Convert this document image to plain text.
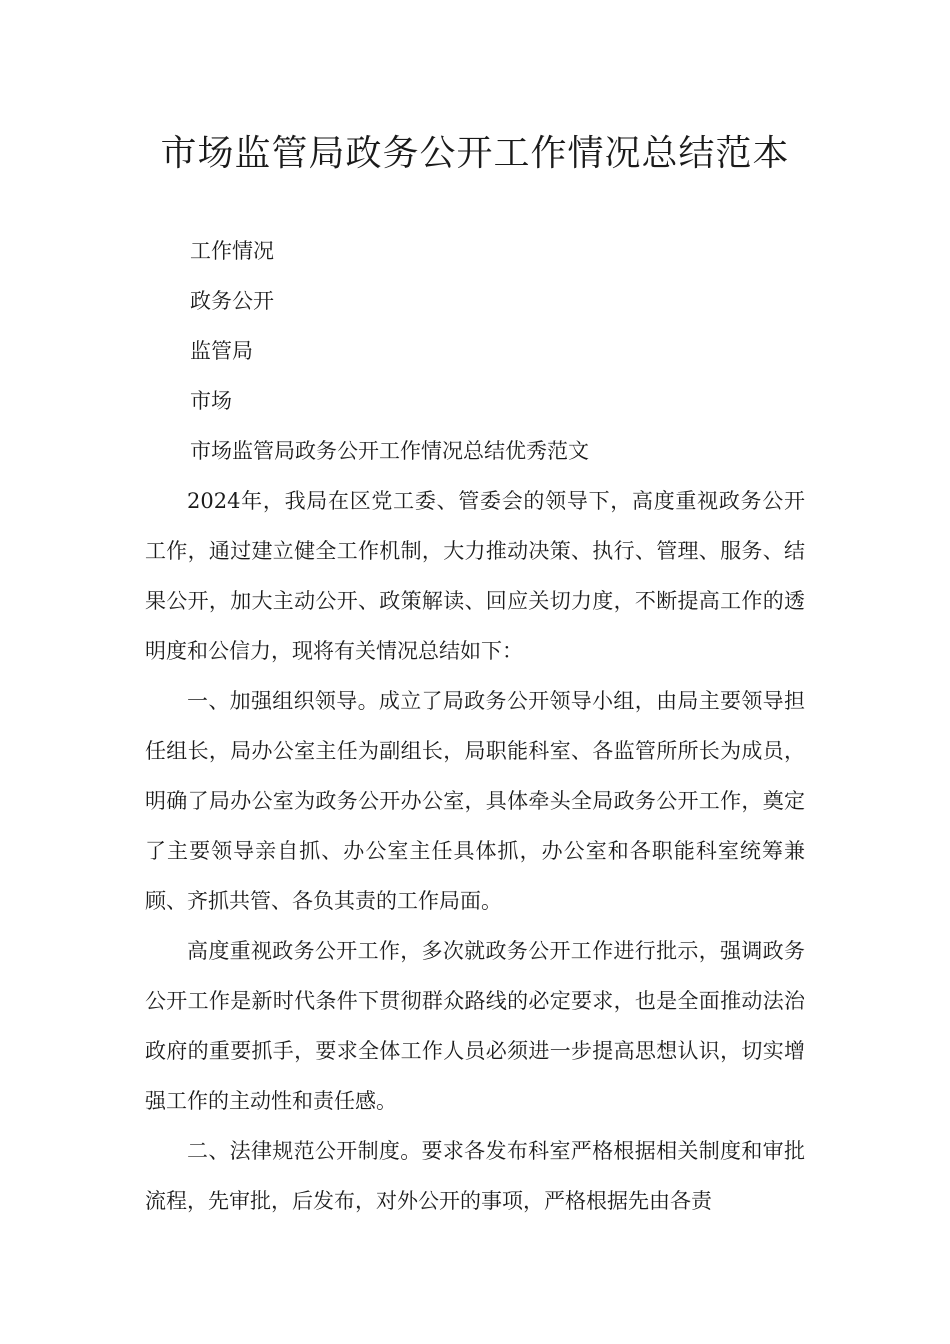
市场监管局政务公开工作情况总结范本
工作情况
政务公开
监管局
市场
市场监管局政务公开工作情况总结优秀范文

2024年，我局在区党工委、管委会的领导下，高度重视政务公开工作，通过建立健全工作机制，大力推动决策、执行、管理、服务、结果公开，加大主动公开、政策解读、回应关切力度，不断提高工作的透明度和公信力，现将有关情况总结如下：

一、加强组织领导。成立了局政务公开领导小组，由局主要领导担任组长，局办公室主任为副组长，局职能科室、各监管所所长为成员，明确了局办公室为政务公开办公室，具体牵头全局政务公开工作，奠定了主要领导亲自抓、办公室主任具体抓，办公室和各职能科室统筹兼顾、齐抓共管、各负其责的工作局面。

高度重视政务公开工作，多次就政务公开工作进行批示，强调政务公开工作是新时代条件下贯彻群众路线的必定要求，也是全面推动法治政府的重要抓手，要求全体工作人员必须进一步提高思想认识，切实增强工作的主动性和责任感。

二、法律规范公开制度。要求各发布科室严格根据相关制度和审批流程，先审批，后发布，对外公开的事项，严格根据先由各责
